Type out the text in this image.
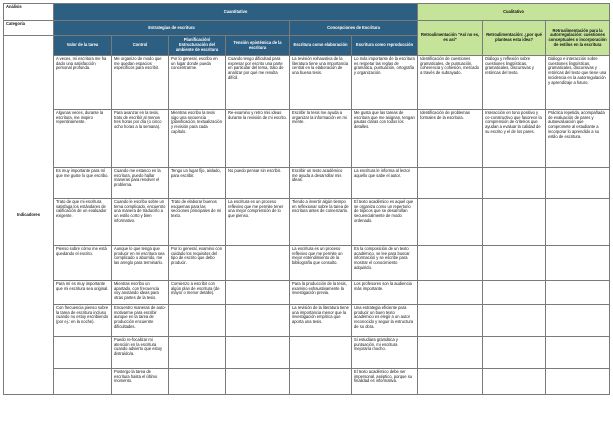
Análisis	Cuantitativo						Cualitativo		
Categoría	Estrategias de escritura				Concepciones de Escritura		Retroalimentación "Así no es, es así"	Retroalimentación: ¿por qué planteas esta idea?	Retroalimentación para la autorregulación: cuestiones conceptuales o incorporación de estilos en la escritura
Indicadores	Valor de la tarea	Control	Planificación/ Estructuración del ambiente de escritura	Tensión epistémica de la escritura	Escritura como elaboración	Escritura como reproducción			
	A veces, mi escritura me ha dado una satisfacción personal profunda.	Me organizo de modo que me quedan espacios específicos para escribir.	Por lo general, escribo en un lugar donde pueda concentrarme.	Cuando tengo dificultad para expresar por escrito una parte en particular del tema, trato de analizar por qué me resulta difícil.	La revisión exhaustiva de la literatura tiene una importancia central en la elaboración de una buena tesis.	Lo más importante de la escritura es respetar las reglas de gramática, puntuación, ortografía y organización.	Identificación de cuestiones gramaticales, de puntuación, coherencia y cohesión, mercado a través de subrayado.	Diálogo y reflexión sobre cuestiones lingüísticas, gramaticales, discursivas y retóricas del texto.	Diálogo e interacción sobre cuestiones lingüísticas, gramaticales, discursivas y retóricas del texto que tiene una incidencia en la autorregulación y aprendizaje a futuro.
	Algunas veces, durante la escritura, me inspiro repentinamente.	Para avanzar en la tesis, trato de escribir al menos tres horas por día (o cinco ocho horas a la semana).	Mientras escribo la tesis sigo una secuencia (planificación, textualización y revisión para cada capítulo.	Re-examino y retro mis ideas durante la revisión de mi escrito.	Escribir la tesis me ayuda a organizar la información en mi mente.	Me gusta que las tareas de escritura que me asignan, tengan pautas claras con todos los detalles.	Identificación de problemas formales de la escritura.	Interacción en tono positivo y co-constructivo que favorece la comprensión de criterios que ayudan a evaluar la calidad de su escrito y el de los pares.	Práctica repetida, acompañada de evaluación de pares y autoevaluación que compromete al estudiante a incorporar lo aprendido a su estilo de escritura.
	Es muy importante para mí que me guste lo que escribo.	Cuando me estanco en la escritura, puedo hallar maneras para resolver el problema.	Tengo un lugar fijo, aislado, para escribir.	No puedo pensar sin escribir.	Escribir un texto académico me ayuda a desarrollar mis ideas.	La escritura le informa al lector aquello que sabe el autor.			
	Trato de que mi escritura satisfaga los estándares de calificación de un evaluador exigente.	Cuando le escribo sobre un tema complicado, encuentro una manera de traducirlo a un estilo corto y bien informativo.	Trato de elaborar buenos esquemas para las secciones principales de mi texto.	La escritura es un proceso reflexivo que me permite tener una mejor comprensión de lo que pienso.	Tiendo a invertir algún tiempo en reflexionar sobre la tarea de escritura antes de comenzarla.	El texto académico es aquel que se organiza como un repertorio de tópicos que se desarrollan secuencialmente de modo ordenado.			
	Pienso sobre cómo me está quedando el escrito.	Aunque lo que tenga que producir en mi escritura sea complicado o aburrido, me las arreglo para terminarlo.	Por lo general, examino con cuidado los requisitos del tipo de escrito que debo producir.		La escritura es un proceso reflexivo que me permite un mejor entendimiento de la bibliografía que consulto.	En la composición de un texto académico, se lee para buscar información y se escribe para mostrar el conocimiento adquirido.			
	Para mí es muy importante que mi escritura sea original.	Mientras escribo un apartado, con frecuencia voy anotando ideas para otras partes de la tesis.	Comienzo a escribir con algún plan de escritura (de mayor o menor detalle).		Para la producción de la tesis, examino exhaustivamente la investigación previa.	Los profesores son la audiencia más importante.			
	Con frecuencia pienso sobre la tarea de escritura incluso cuando no estoy escribiendo (por ej.: en la noche).	Encuentro maneras de auto-motivarme para escribir aunque en la tarea de producción encuentre dificultades.			La revisión de la literatura tiene una importancia menor que la investigación empírica que aporta una tesis.	Una estrategia eficiente para producir un buen texto académico es elegir a un autor reconocido y seguir la estructura de su obra.			
		Puedo re-focalizar mi atención en la escritura cuando advierto que estoy distraído/a.				Si estudiara gramática y puntuación, mi escritura mejoraría mucho.			
		Postergo la tarea de escritura hasta el último momento.				El texto académico debe ser impersonal, aséptico, porque su finalidad es informativa.			
